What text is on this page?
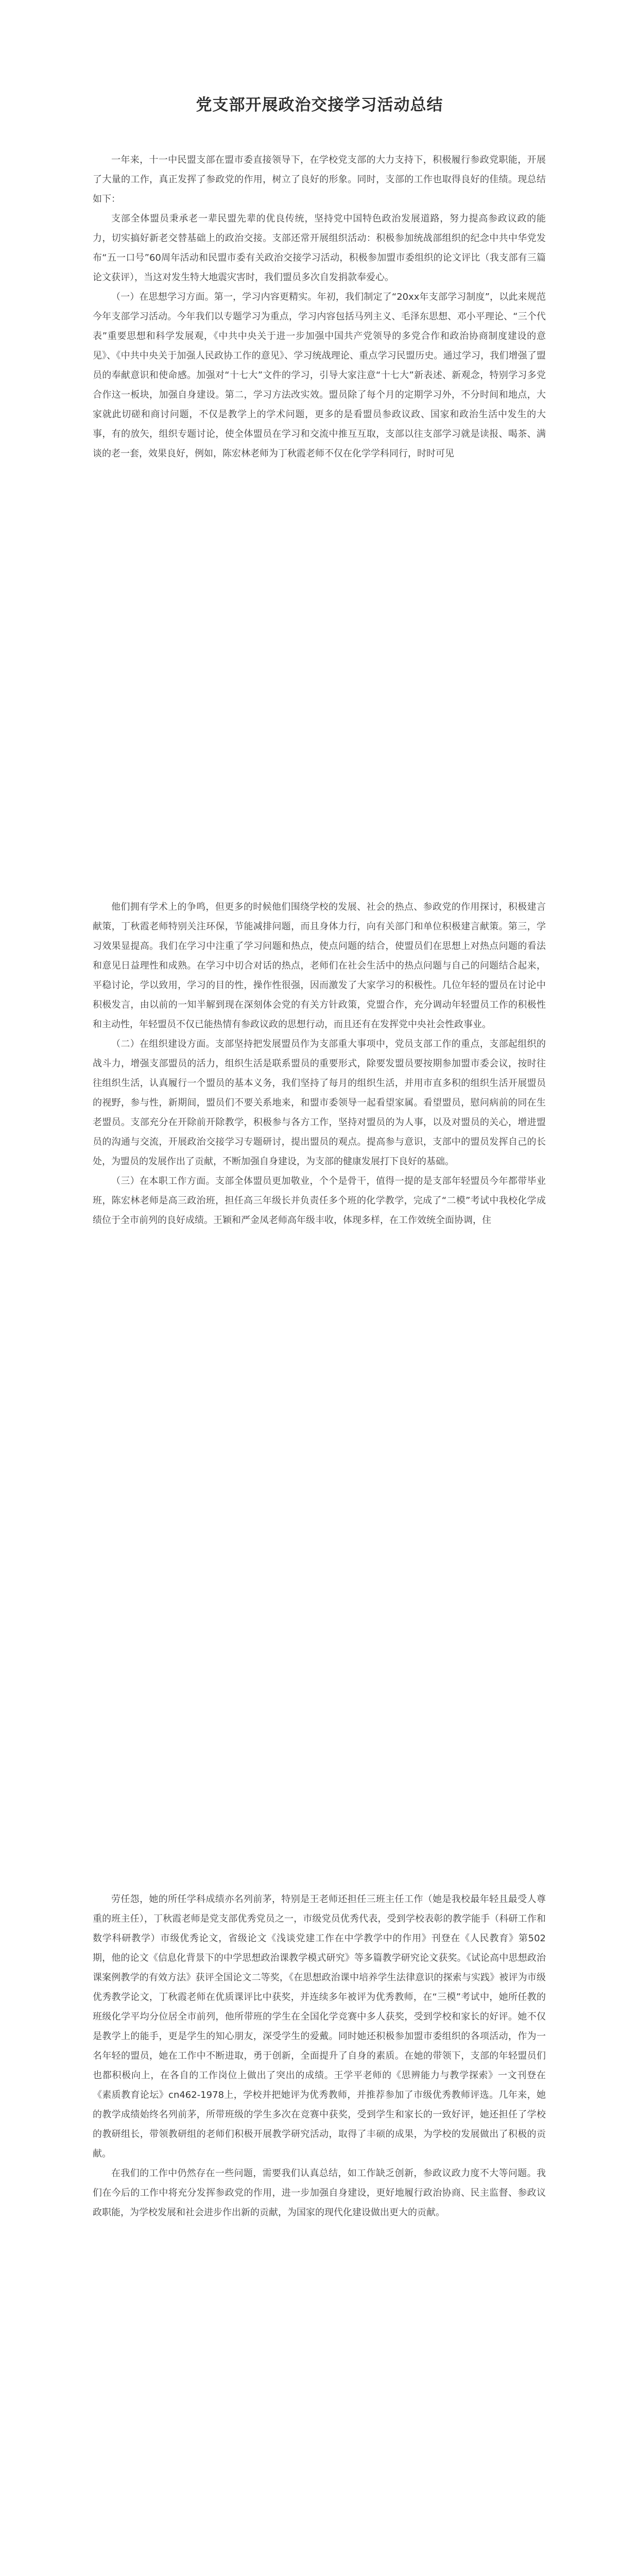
党支部开展政治交接学习活动总结

一年来，十一中民盟支部在盟市委直接领导下，在学校党支部的大力支持下，积极履行参政党职能，开展了大量的工作，真正发挥了参政党的作用，树立了良好的形象。同时，支部的工作也取得良好的佳绩。现总结如下：

支部全体盟员秉承老一辈民盟先辈的优良传统，坚持党中国特色政治发展道路，努力提高参政议政的能力，切实搞好新老交替基础上的政治交接。支部还常开展组织活动：积极参加统战部组织的纪念中共中华党发布“五一口号”60周年活动和民盟市委有关政治交接学习活动，积极参加盟市委组织的论文评比（我支部有三篇论文获评），当这对发生特大地震灾害时，我们盟员多次自发捐款奉爱心。

（一）在思想学习方面。第一，学习内容更精实。年初，我们制定了“20xx年支部学习制度”，以此来规范今年支部学习活动。今年我们以专题学习为重点，学习内容包括马列主义、毛泽东思想、邓小平理论、“三个代表”重要思想和科学发展观，《中共中央关于进一步加强中国共产党领导的多党合作和政治协商制度建设的意见》、《中共中央关于加强人民政协工作的意见》、学习统战理论、重点学习民盟历史。通过学习，我们增强了盟员的奉献意识和使命感。加强对“十七大”文件的学习，引导大家注意“十七大”新表述、新观念，特别学习多党合作这一板块，加强自身建设。第二，学习方法改实效。盟员除了每个月的定期学习外，不分时间和地点，大家就此切磋和商讨问题，不仅是教学上的学术问题，更多的是看盟员参政议政、国家和政治生活中发生的大事，有的放矢，组织专题讨论，使全体盟员在学习和交流中推互互取，支部以往支部学习就是读报、喝茶、满谈的老一套，效果良好，例如，陈宏林老师为丁秋霞老师不仅在化学学科同行，时时可见

他们拥有学术上的争鸣，但更多的时候他们围绕学校的发展、社会的热点、参政党的作用探讨，积极建言献策，丁秋霞老师特别关注环保，节能减排问题，而且身体力行，向有关部门和单位积极建言献策。第三，学习效果显提高。我们在学习中注重了学习问题和热点，使点问题的结合，使盟员们在思想上对热点问题的看法和意见日益理性和成熟。在学习中切合对话的热点，老师们在社会生活中的热点问题与自己的问题结合起来，平稳讨论，学以致用，学习的目的性，操作性很强，因而激发了大家学习的积极性。几位年轻的盟员在讨论中积极发言，由以前的一知半解到现在深刻体会党的有关方针政策，党盟合作，充分调动年轻盟员工作的积极性和主动性，年轻盟员不仅已能热情有参政议政的思想行动，而且还有在发挥党中央社会性政事业。

（二）在组织建设方面。支部坚持把发展盟员作为支部重大事项中，党员支部工作的重点，支部起组织的战斗力，增强支部盟员的活力，组织生活是联系盟员的重要形式，除要发盟员要按期参加盟市委会议，按时往往组织生活，认真履行一个盟员的基本义务，我们坚持了每月的组织生活，并用市直多积的组织生活开展盟员的视野，参与性，新期间，盟员们不要关系地来，和盟市委领导一起看望家属。看望盟员，慰问病前的同在生老盟员。支部充分在开除前开除教学，积极参与各方工作，坚持对盟员的为人事，以及对盟员的关心，增进盟员的沟通与交流，开展政治交接学习专题研讨，提出盟员的观点。提高参与意识，支部中的盟员发挥自己的长处，为盟员的发展作出了贡献，不断加强自身建设，为支部的健康发展打下良好的基础。

（三）在本职工作方面。支部全体盟员更加敬业，个个是骨干，值得一提的是支部年轻盟员今年都带毕业班，陈宏林老师是高三政治班，担任高三年级长并负责任多个班的化学教学，完成了“二模”考试中我校化学成绩位于全市前列的良好成绩。王颖和严金凤老师高年级丰收，体现多样，在工作效统全面协调，住

劳任怨，她的所任学科成绩亦名列前茅，特别是王老师还担任三班主任工作（她是我校最年轻且最受人尊重的班主任），丁秋霞老师是党支部优秀党员之一，市级党员优秀代表，受到学校表彰的教学能手（科研工作和数学科研教学）市级优秀论文，省级论文《浅谈党建工作在中学教学中的作用》刊登在《人民教育》第502期，他的论文《信息化背景下的中学思想政治课教学模式研究》等多篇教学研究论文获奖。《试论高中思想政治课案例教学的有效方法》获评全国论文二等奖，《在思想政治课中培养学生法律意识的探索与实践》被评为市级优秀教学论文，丁秋霞老师在优质课评比中获奖，并连续多年被评为优秀教师，在“三模”考试中，她所任教的班级化学平均分位居全市前列，他所带班的学生在全国化学竞赛中多人获奖，受到学校和家长的好评。她不仅是教学上的能手，更是学生的知心朋友，深受学生的爱戴。同时她还积极参加盟市委组织的各项活动，作为一名年轻的盟员，她在工作中不断进取，勇于创新，全面提升了自身的素质。在她的带领下，支部的年轻盟员们也都积极向上，在各自的工作岗位上做出了突出的成绩。王学平老师的《思辨能力与教学探索》一文刊登在《素质教育论坛》cn462-1978上，学校并把她评为优秀教师，并推荐参加了市级优秀教师评选。几年来，她的教学成绩始终名列前茅，所带班级的学生多次在竞赛中获奖，受到学生和家长的一致好评，她还担任了学校的教研组长，带领教研组的老师们积极开展教学研究活动，取得了丰硕的成果，为学校的发展做出了积极的贡献。

在我们的工作中仍然存在一些问题，需要我们认真总结，如工作缺乏创新，参政议政力度不大等问题。我们在今后的工作中将充分发挥参政党的作用，进一步加强自身建设，更好地履行政治协商、民主监督、参政议政职能，为学校发展和社会进步作出新的贡献，为国家的现代化建设做出更大的贡献。
